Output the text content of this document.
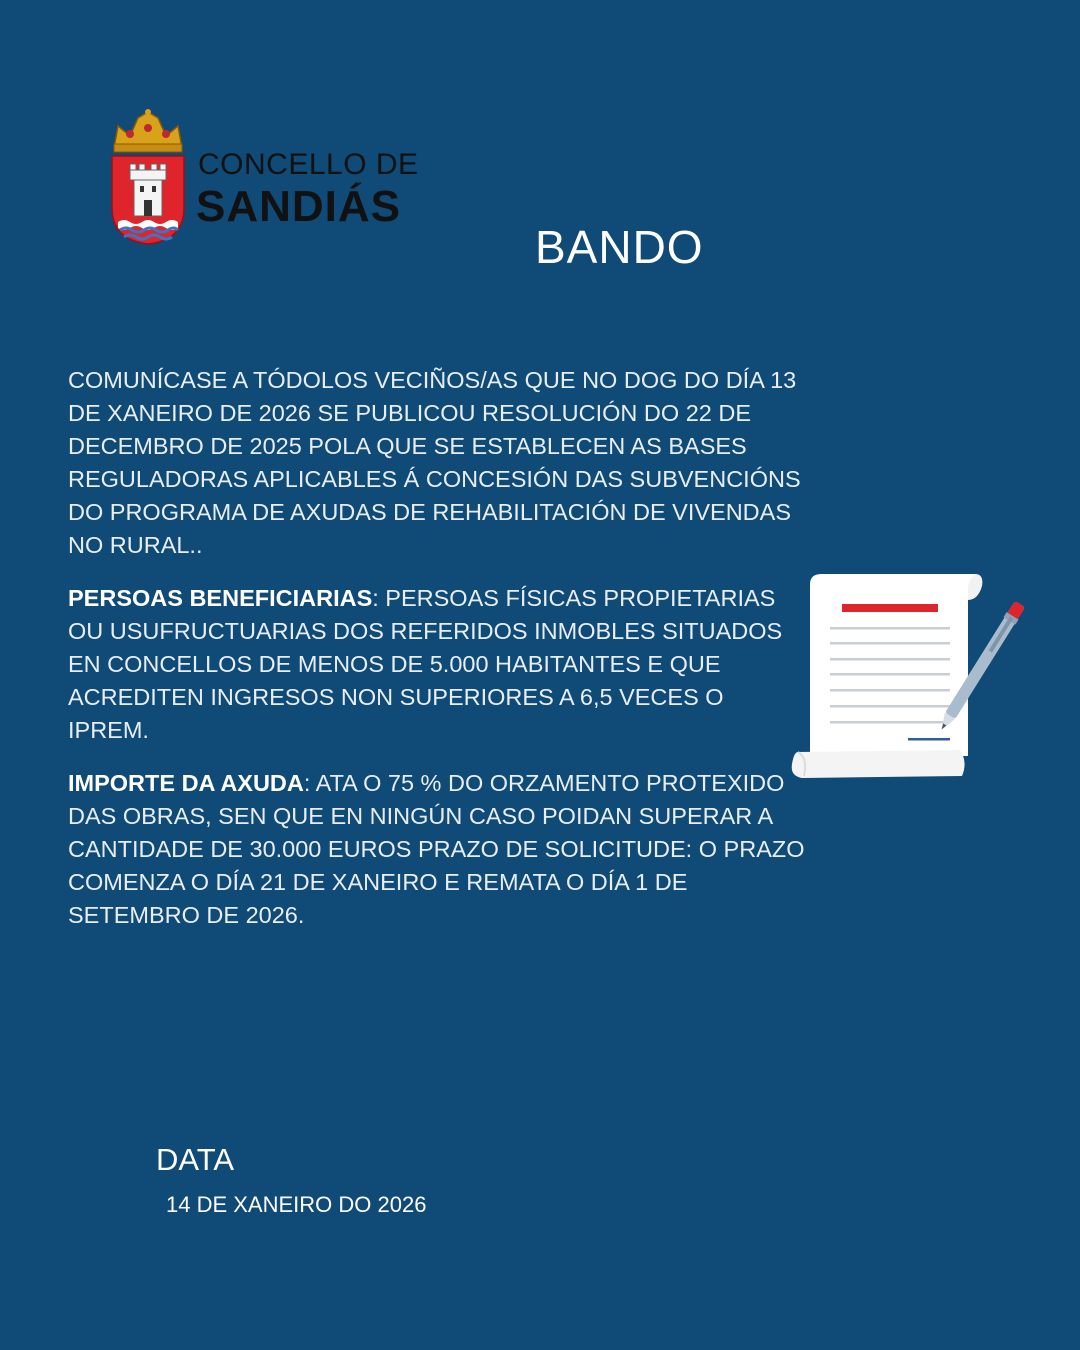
CONCELLO DE
SANDIÁS
BANDO

COMUNÍCASE A TÓDOLOS VECIÑOS/AS QUE NO DOG DO DÍA 13 DE XANEIRO DE 2026 SE PUBLICOU RESOLUCIÓN DO 22 DE DECEMBRO DE 2025 POLA QUE SE ESTABLECEN AS BASES REGULADORAS APLICABLES Á CONCESIÓN DAS SUBVENCIÓNS DO PROGRAMA DE AXUDAS DE REHABILITACIÓN DE VIVENDAS NO RURAL..

PERSOAS BENEFICIARIAS: PERSOAS FÍSICAS PROPIETARIAS OU USUFRUCTUARIAS DOS REFERIDOS INMOBLES SITUADOS EN CONCELLOS DE MENOS DE 5.000 HABITANTES E QUE ACREDITEN INGRESOS NON SUPERIORES A 6,5 VECES O IPREM.

IMPORTE DA AXUDA: ATA O 75 % DO ORZAMENTO PROTEXIDO DAS OBRAS, SEN QUE EN NINGÚN CASO POIDAN SUPERAR A CANTIDADE DE 30.000 EUROS PRAZO DE SOLICITUDE: O PRAZO COMENZA O DÍA 21 DE XANEIRO E REMATA O DÍA 1 DE SETEMBRO DE 2026.

DATA
14 DE XANEIRO DO 2026
